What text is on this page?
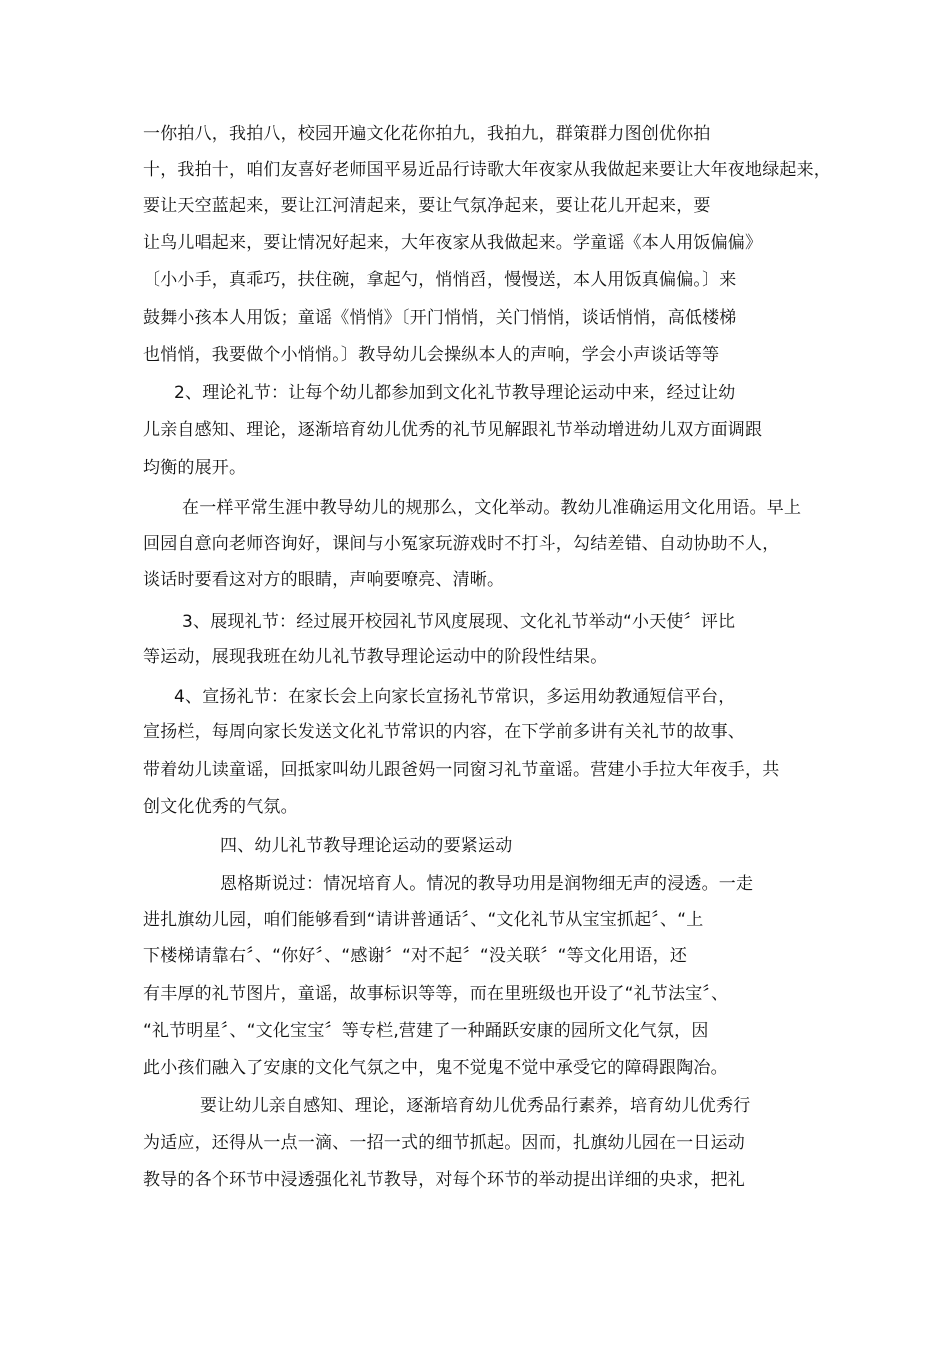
一你拍八，我拍八，校园开遍文化花你拍九，我拍九，群策群力图创优你拍
十，我拍十，咱们友喜好老师国平易近品行诗歌大年夜家从我做起来要让大年夜地绿起来，
要让天空蓝起来，要让江河清起来，要让气氛净起来，要让花儿开起来，要
让鸟儿唱起来，要让情况好起来，大年夜家从我做起来。学童谣《本人用饭偏偏》
〔小小手，真乖巧，扶住碗，拿起勺，悄悄舀，慢慢送，本人用饭真偏偏。〕来
鼓舞小孩本人用饭；童谣《悄悄》〔开门悄悄，关门悄悄，谈话悄悄，高低楼梯
也悄悄，我要做个小悄悄。〕教导幼儿会操纵本人的声响，学会小声谈话等等
2、理论礼节：让每个幼儿都参加到文化礼节教导理论运动中来，经过让幼
儿亲自感知、理论，逐渐培育幼儿优秀的礼节见解跟礼节举动增进幼儿双方面调跟
均衡的展开。
在一样平常生涯中教导幼儿的规那么，文化举动。教幼儿准确运用文化用语。早上
回园自意向老师咨询好，课间与小冤家玩游戏时不打斗，勾结差错、自动协助不人，
谈话时要看这对方的眼睛，声响要嘹亮、清晰。
3、展现礼节：经过展开校园礼节风度展现、文化礼节举动“小天使〞评比
等运动，展现我班在幼儿礼节教导理论运动中的阶段性结果。
4、宣扬礼节：在家长会上向家长宣扬礼节常识，多运用幼教通短信平台，
宣扬栏，每周向家长发送文化礼节常识的内容，在下学前多讲有关礼节的故事、
带着幼儿读童谣，回抵家叫幼儿跟爸妈一同窗习礼节童谣。营建小手拉大年夜手，共
创文化优秀的气氛。
四、幼儿礼节教导理论运动的要紧运动
恩格斯说过：情况培育人。情况的教导功用是润物细无声的浸透。一走
进扎旗幼儿园，咱们能够看到“请讲普通话〞、“文化礼节从宝宝抓起〞、“上
下楼梯请靠右〞、“你好〞、“感谢〞“对不起〞“没关联〞“等文化用语，还
有丰厚的礼节图片，童谣，故事标识等等，而在里班级也开设了“礼节法宝〞、
“礼节明星〞、“文化宝宝〞等专栏,营建了一种踊跃安康的园所文化气氛，因
此小孩们融入了安康的文化气氛之中，鬼不觉鬼不觉中承受它的障碍跟陶冶。
要让幼儿亲自感知、理论，逐渐培育幼儿优秀品行素养，培育幼儿优秀行
为适应，还得从一点一滴、一招一式的细节抓起。因而，扎旗幼儿园在一日运动
教导的各个环节中浸透强化礼节教导，对每个环节的举动提出详细的央求，把礼
